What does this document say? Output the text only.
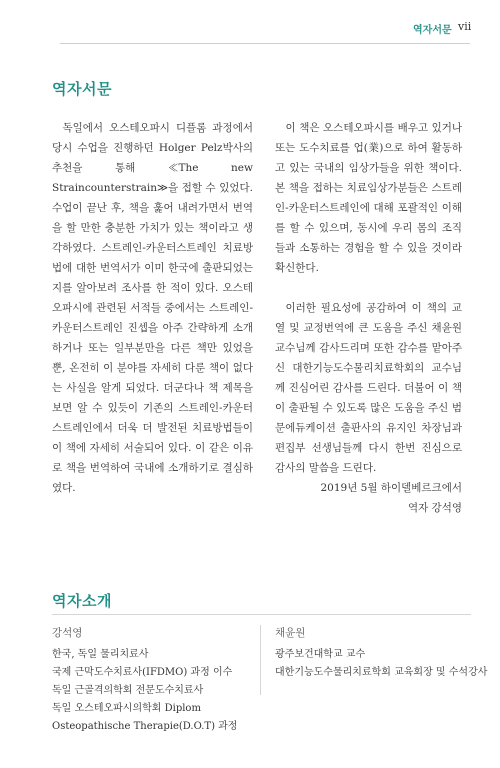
역자서문 vii
역자서문

독일에서 오스테오파시 디플롬 과정에서 당시 수업을 진행하던 Holger Pelz박사의 추천을 통해 ≪The new Straincounterstrain≫을 접할 수 있었다. 수업이 끝난 후, 책을 훑어 내려가면서 번역을 할 만한 충분한 가치가 있는 책이라고 생각하였다. 스트레인-카운터스트레인 치료방법에 대한 번역서가 이미 한국에 출판되었는지를 알아보려 조사를 한 적이 있다. 오스테오파시에 관련된 서적들 중에서는 스트레인-카운터스트레인 진셉을 아주 간략하게 소개하거나 또는 일부분만을 다른 책만 있었을 뿐, 온전히 이 분야를 자세히 다룬 책이 없다는 사실을 알게 되었다. 더군다나 책 제목을 보면 알 수 있듯이 기존의 스트레인-카운터스트레인에서 더욱 더 발전된 치료방법들이 이 책에 자세히 서술되어 있다. 이 같은 이유로 책을 번역하여 국내에 소개하기로 결심하였다.

이 책은 오스테오파시를 배우고 있거나 또는 도수치료를 업(業)으로 하여 활동하고 있는 국내의 임상가들을 위한 책이다. 본 책을 접하는 치료임상가분들은 스트레인-카운터스트레인에 대해 포괄적인 이해를 할 수 있으며, 동시에 우리 몸의 조직들과 소통하는 경험을 할 수 있을 것이라 확신한다.

이러한 필요성에 공감하여 이 책의 교열 및 교정번역에 큰 도움을 주신 채윤원 교수님께 감사드리며 또한 감수를 맡아주신 대한기능도수물리치료학회의 교수님께 진심어린 감사를 드린다. 더불어 이 책이 출판될 수 있도록 많은 도움을 주신 범문에듀케이션 출판사의 유지인 차장님과 편집부 선생님들께 다시 한번 진심으로 감사의 말씀을 드린다.

2019년 5월 하이델베르크에서

역자 강석영

역자소개
강석영
한국, 독일 물리치료사
국제 근막도수치료사(IFDMO) 과정 이수
독일 근골격의학회 전문도수치료사
독일 오스테오파시의학회 Diplom Osteopathische Therapie(D.O.T) 과정
채윤원
광주보건대학교 교수
대한기능도수물리치료학회 교육회장 및 수석강사
